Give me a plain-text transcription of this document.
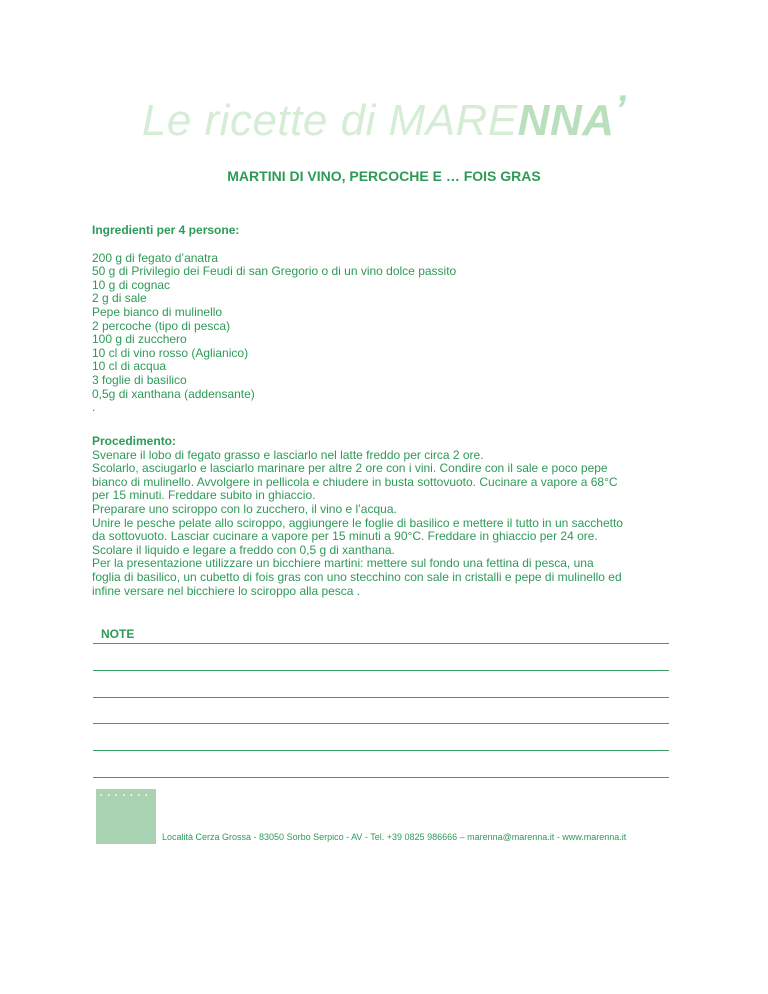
Le ricette di MARENNA’
MARTINI DI VINO, PERCOCHE E … FOIS GRAS
Ingredienti per 4 persone:
200 g di fegato d’anatra
50 g di Privilegio dei Feudi di san Gregorio o di un vino dolce passito
10 g di cognac
2 g di sale
Pepe bianco di mulinello
2 percoche (tipo di pesca)
100 g di zucchero
10 cl di vino rosso (Aglianico)
10 cl di acqua
3 foglie di basilico
0,5g di xanthana (addensante)
.
Procedimento:
Svenare il lobo di fegato grasso e lasciarlo nel latte freddo per circa 2 ore.
Scolarlo, asciugarlo e lasciarlo marinare per altre 2 ore con i vini. Condire con il sale e poco pepe
bianco di mulinello. Avvolgere in pellicola e chiudere in busta sottovuoto. Cucinare a vapore a 68°C
per 15 minuti. Freddare subito in ghiaccio.
Preparare uno sciroppo con lo zucchero, il vino e l’acqua.
Unire le pesche pelate allo sciroppo, aggiungere le foglie di basilico e mettere il tutto in un sacchetto
da sottovuoto. Lasciar cucinare a vapore per 15 minuti a 90°C. Freddare in ghiaccio per 24 ore.
Scolare il liquido e legare a freddo con 0,5 g di xanthana.
Per la presentazione utilizzare un bicchiere martini: mettere sul fondo una fettina di pesca, una
foglia di basilico, un cubetto di fois gras con uno stecchino con sale in cristalli e pepe di mulinello ed
infine versare nel bicchiere lo sciroppo alla pesca .
NOTE
● ● ● ● ● ● ●
Località Cerza Grossa - 83050 Sorbo Serpico - AV - Tel. +39 0825 986666 – marenna@marenna.it - www.marenna.it
